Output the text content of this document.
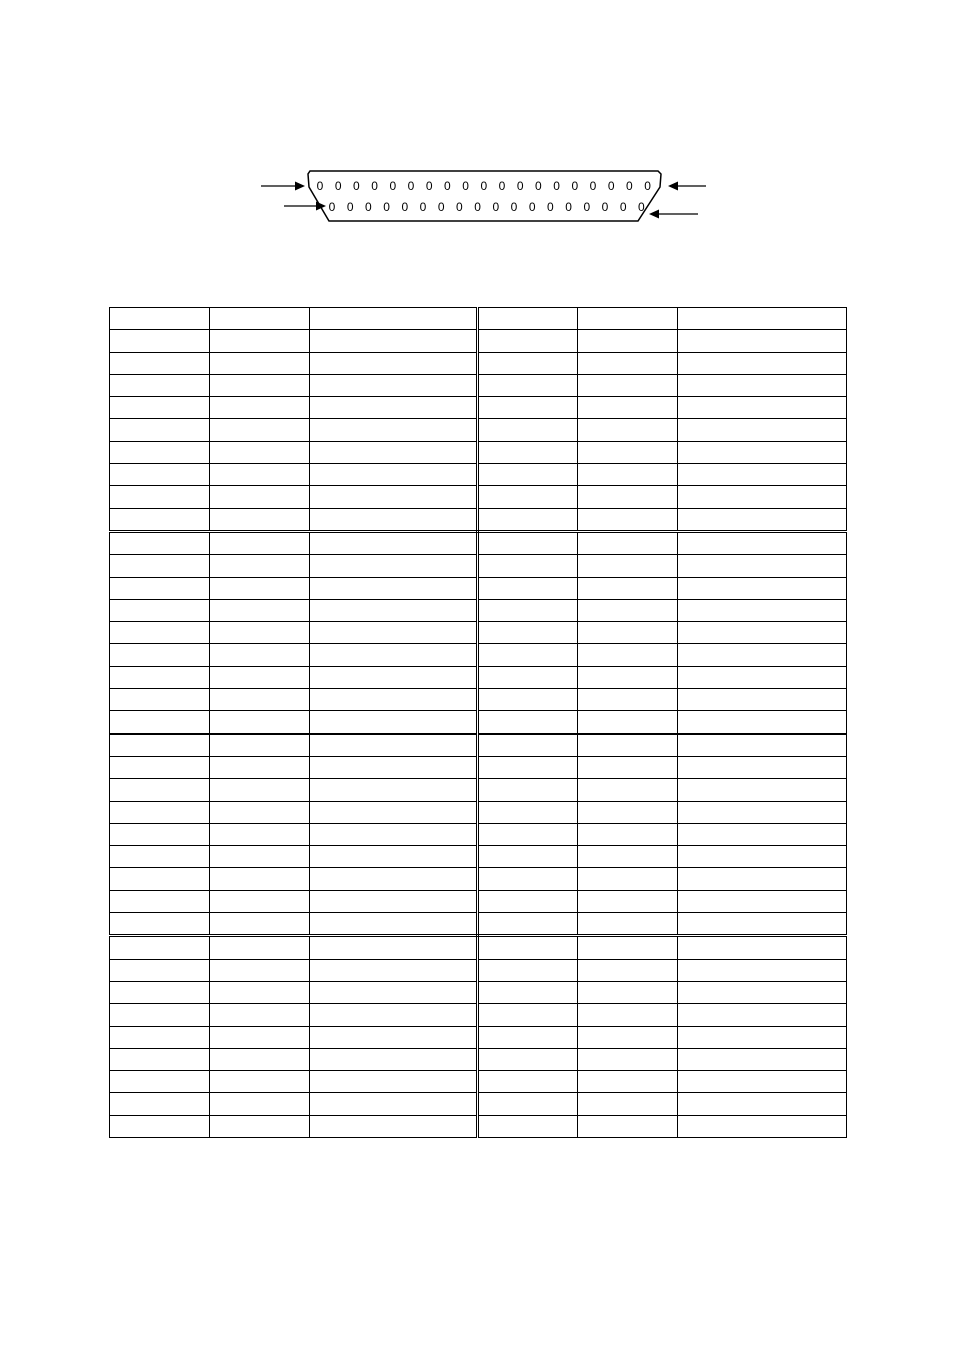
0 0 0 0 0 0 0 0 0 0 0 0 0 0 0 0 0 0 0
0 0 0 0 0 0 0 0 0 0 0 0 0 0 0 0 0 0
